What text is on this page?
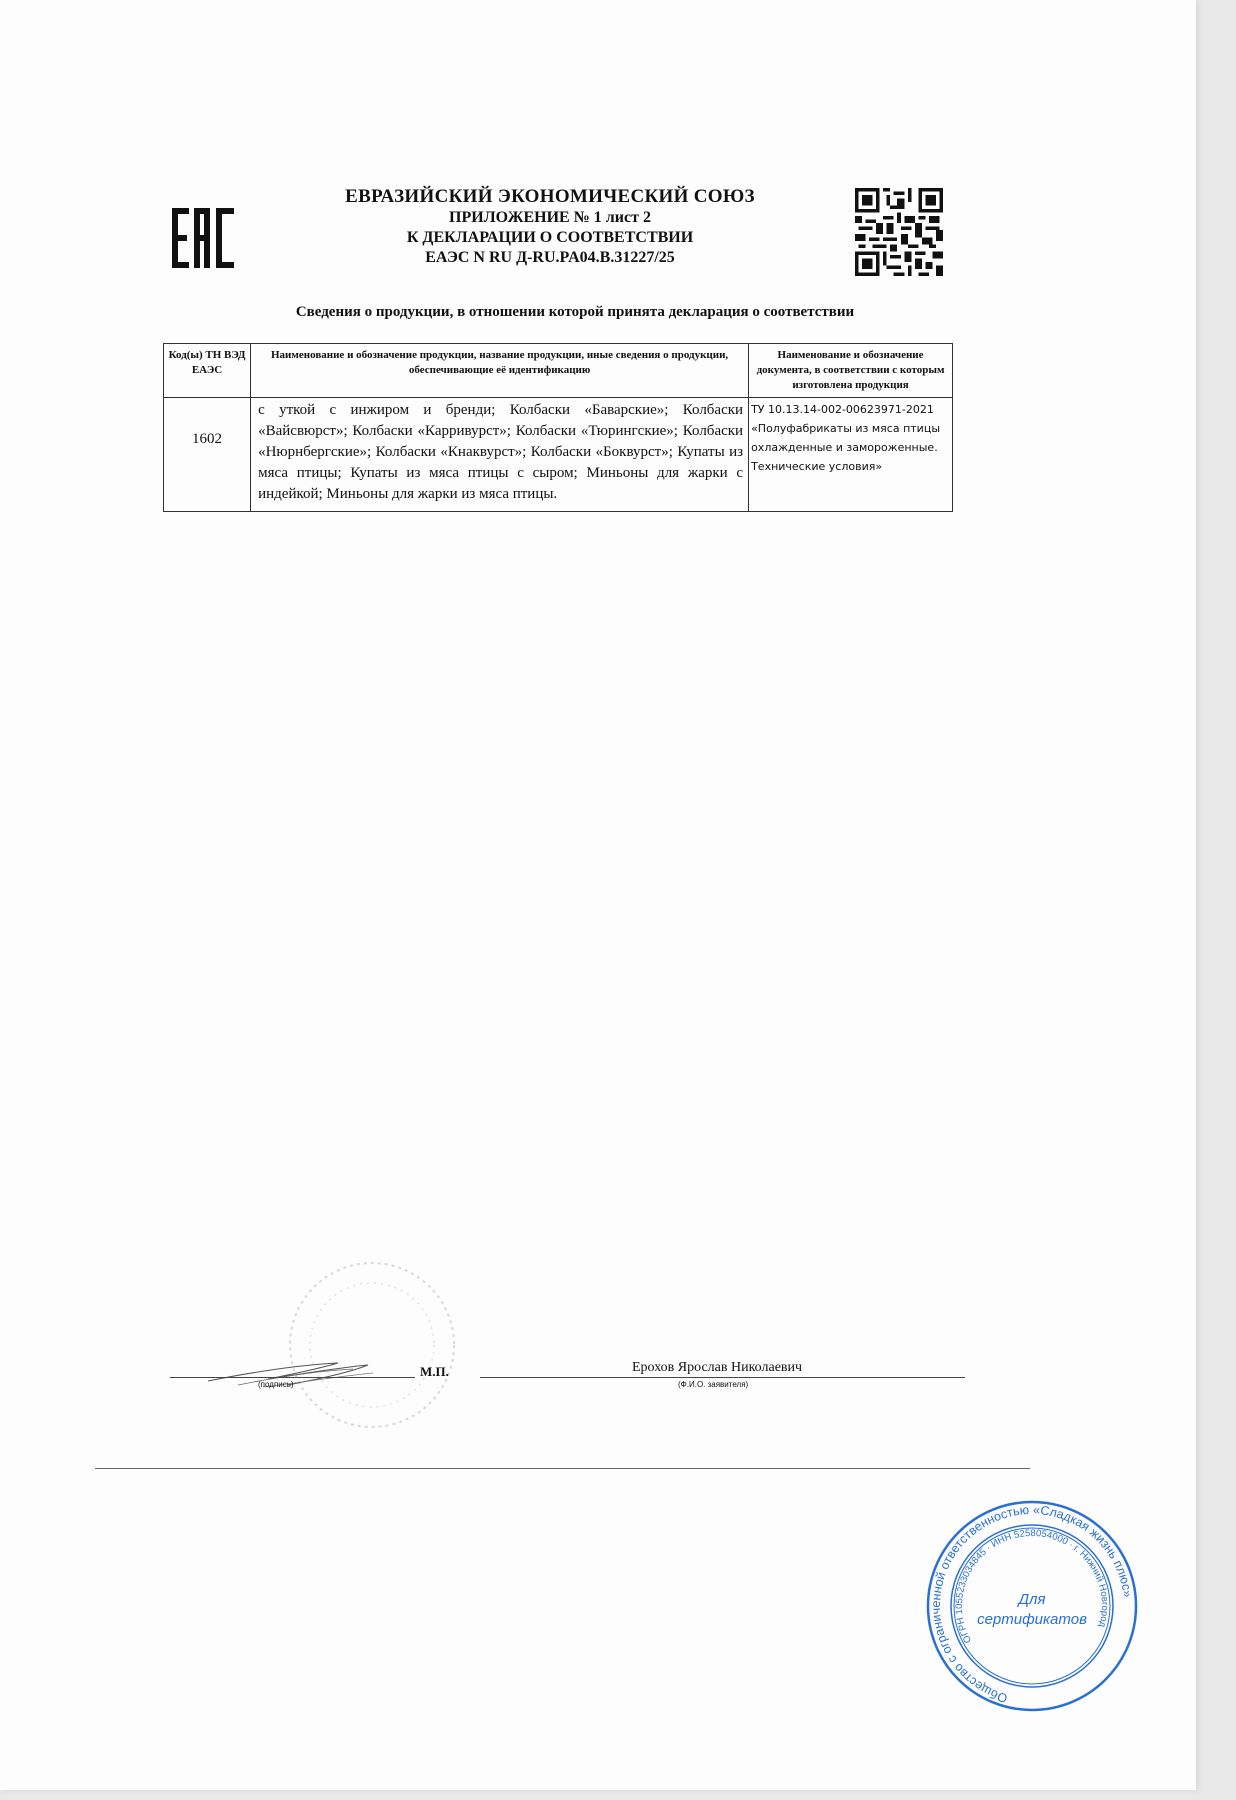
ЕВРАЗИЙСКИЙ ЭКОНОМИЧЕСКИЙ СОЮЗ
ПРИЛОЖЕНИЕ № 1 лист 2
К ДЕКЛАРАЦИИ О СООТВЕТСТВИИ
ЕАЭС N RU Д-RU.PA04.B.31227/25
Сведения о продукции, в отношении которой принята декларация о соответствии
Код(ы) ТН ВЭД ЕАЭС	Наименование и обозначение продукции, название продукции, иные сведения о продукции, обеспечивающие её идентификацию	Наименование и обозначение документа, в соответствии с которым изготовлена продукция
1602	с уткой с инжиром и бренди; Колбаски «Баварские»; Колбаски «Вайсвюрст»; Колбаски «Карривурст»; Колбаски «Тюрингские»; Колбаски «Нюрнбергские»; Колбаски «Кнаквурст»; Колбаски «Боквурст»; Купаты из мяса птицы; Купаты из мяса птицы с сыром; Миньоны для жарки с индейкой; Миньоны для жарки из мяса птицы.	ТУ 10.13.14-002-00623971-2021 «Полуфабрикаты из мяса птицы охлажденные и замороженные. Технические условия»
(подпись)
М.П.	Ерохов Ярослав Николаевич
(Ф.И.О. заявителя)
Общество с ограниченной ответственностью «Сладкая жизнь плюс»
ОГРН 1055233034845 · ИНН 5258054000 · г. Нижний Новгород
Для
сертификатов
